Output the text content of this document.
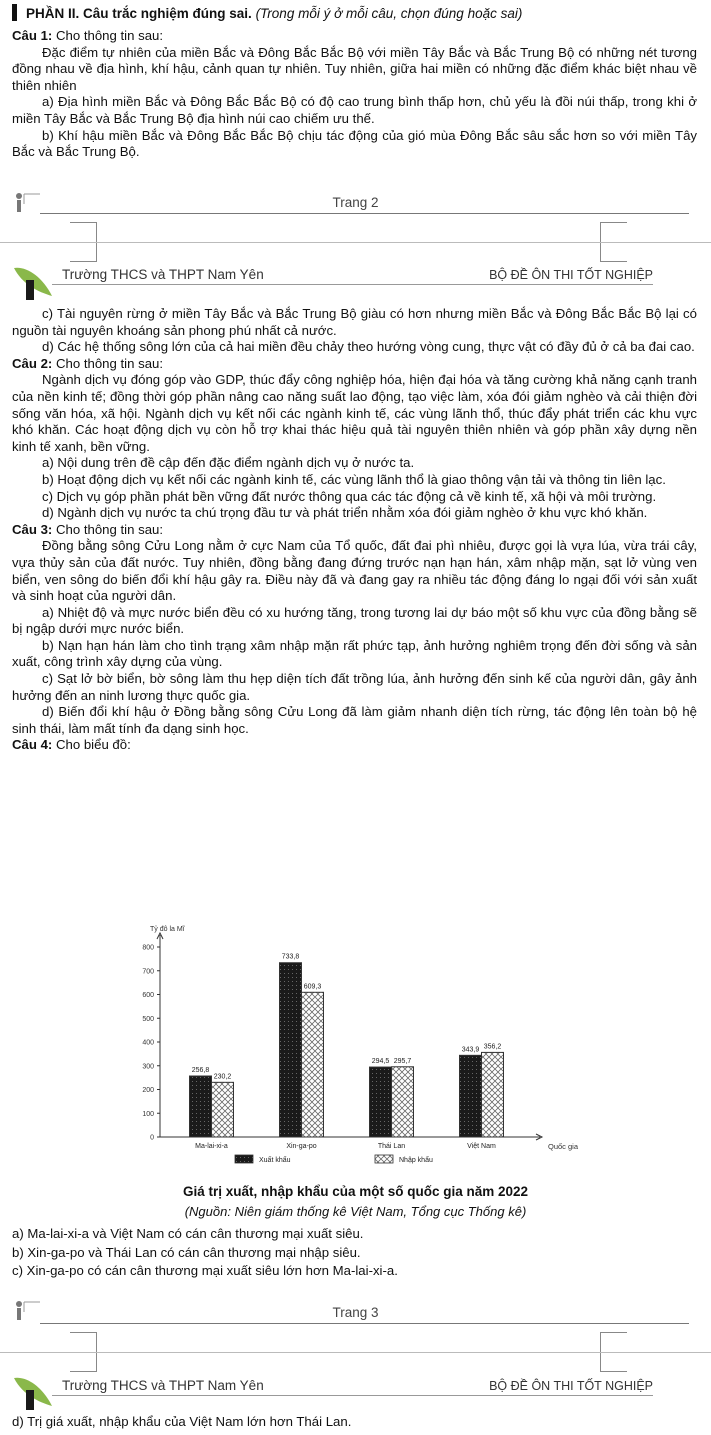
PHẦN II. Câu trắc nghiệm đúng sai. (Trong mỗi ý ở mỗi câu, chọn đúng hoặc sai)

Câu 1: Cho thông tin sau:

Đặc điểm tự nhiên của miền Bắc và Đông Bắc Bắc Bộ với miền Tây Bắc và Bắc Trung Bộ có những nét tương đồng nhau về địa hình, khí hậu, cảnh quan tự nhiên. Tuy nhiên, giữa hai miền có những đặc điểm khác biệt nhau về thiên nhiên

a) Địa hình miền Bắc và Đông Bắc Bắc Bộ có độ cao trung bình thấp hơn, chủ yếu là đồi núi thấp, trong khi ở miền Tây Bắc và Bắc Trung Bộ địa hình núi cao chiếm ưu thế.

b) Khí hậu miền Bắc và Đông Bắc Bắc Bộ chịu tác động của gió mùa Đông Bắc sâu sắc hơn so với miền Tây Bắc và Bắc Trung Bộ.

Trang 2
Trường THCS và THPT Nam Yên	BỘ ĐỀ ÔN THI TỐT NGHIỆP

c) Tài nguyên rừng ở miền Tây Bắc và Bắc Trung Bộ giàu có hơn nhưng miền Bắc và Đông Bắc Bắc Bộ lại có nguồn tài nguyên khoáng sản phong phú nhất cả nước.

d) Các hệ thống sông lớn của cả hai miền đều chảy theo hướng vòng cung, thực vật có đầy đủ ở cả ba đai cao.

Câu 2: Cho thông tin sau:

Ngành dịch vụ đóng góp vào GDP, thúc đẩy công nghiệp hóa, hiện đại hóa và tăng cường khả năng cạnh tranh của nền kinh tế; đồng thời góp phần nâng cao năng suất lao động, tạo việc làm, xóa đói giảm nghèo và cải thiện đời sống văn hóa, xã hội. Ngành dịch vụ kết nối các ngành kinh tế, các vùng lãnh thổ, thúc đẩy phát triển các khu vực khó khăn. Các hoạt động dịch vụ còn hỗ trợ khai thác hiệu quả tài nguyên thiên nhiên và góp phần xây dựng nền kinh tế xanh, bền vững.

a) Nội dung trên đề cập đến đặc điểm ngành dịch vụ ở nước ta.

b) Hoạt động dịch vụ kết nối các ngành kinh tế, các vùng lãnh thổ là giao thông vận tải và thông tin liên lạc.

c) Dịch vụ góp phần phát bền vững đất nước thông qua các tác động cả về kinh tế, xã hội và môi trường.

d) Ngành dịch vụ nước ta chú trọng đầu tư và phát triển nhằm xóa đói giảm nghèo ở khu vực khó khăn.

Câu 3: Cho thông tin sau:

Đồng bằng sông Cửu Long nằm ở cực Nam của Tổ quốc, đất đai phì nhiêu, được gọi là vựa lúa, vừa trái cây, vựa thủy sản của đất nước. Tuy nhiên, đồng bằng đang đứng trước nạn hạn hán, xâm nhập mặn, sạt lở vùng ven biển, ven sông do biến đổi khí hậu gây ra. Điều này đã và đang gay ra nhiều tác động đáng lo ngại đối với sản xuất và sinh hoạt của người dân.

a) Nhiệt độ và mực nước biển đều có xu hướng tăng, trong tương lai dự báo một số khu vực của đồng bằng sẽ bị ngập dưới mực nước biển.

b) Nạn hạn hán làm cho tình trạng xâm nhập mặn rất phức tạp, ảnh hưởng nghiêm trọng đến đời sống và sản xuất, công trình xây dựng của vùng.

c) Sạt lở bờ biển, bờ sông làm thu hẹp diện tích đất trồng lúa, ảnh hưởng đến sinh kế của người dân, gây ảnh hưởng đến an ninh lương thực quốc gia.

d) Biến đổi khí hậu ở Đồng bằng sông Cửu Long đã làm giảm nhanh diện tích rừng, tác động lên toàn bộ hệ sinh thái, làm mất tính đa dạng sinh học.

Câu 4: Cho biểu đồ:

Tỷ đô la Mĩ
Quốc gia
0
100
200
300
400
500
600
700
800
256,8
230,2
Ma-lai-xi-a
733,8
609,3
Xin-ga-po
294,5 295,7
Thái Lan
343,9 356,2
Việt Nam
Xuất khẩu	Nhập khẩu
Giá trị xuất, nhập khẩu của một số quốc gia năm 2022
(Nguồn: Niên giám thống kê Việt Nam, Tổng cục Thống kê)

a) Ma-lai-xi-a và Việt Nam có cán cân thương mại xuất siêu.

b) Xin-ga-po và Thái Lan có cán cân thương mại nhập siêu.

c) Xin-ga-po có cán cân thương mại xuất siêu lớn hơn Ma-lai-xi-a.

Trang 3
Trường THCS và THPT Nam Yên	BỘ ĐỀ ÔN THI TỐT NGHIỆP

d) Trị giá xuất, nhập khẩu của Việt Nam lớn hơn Thái Lan.
